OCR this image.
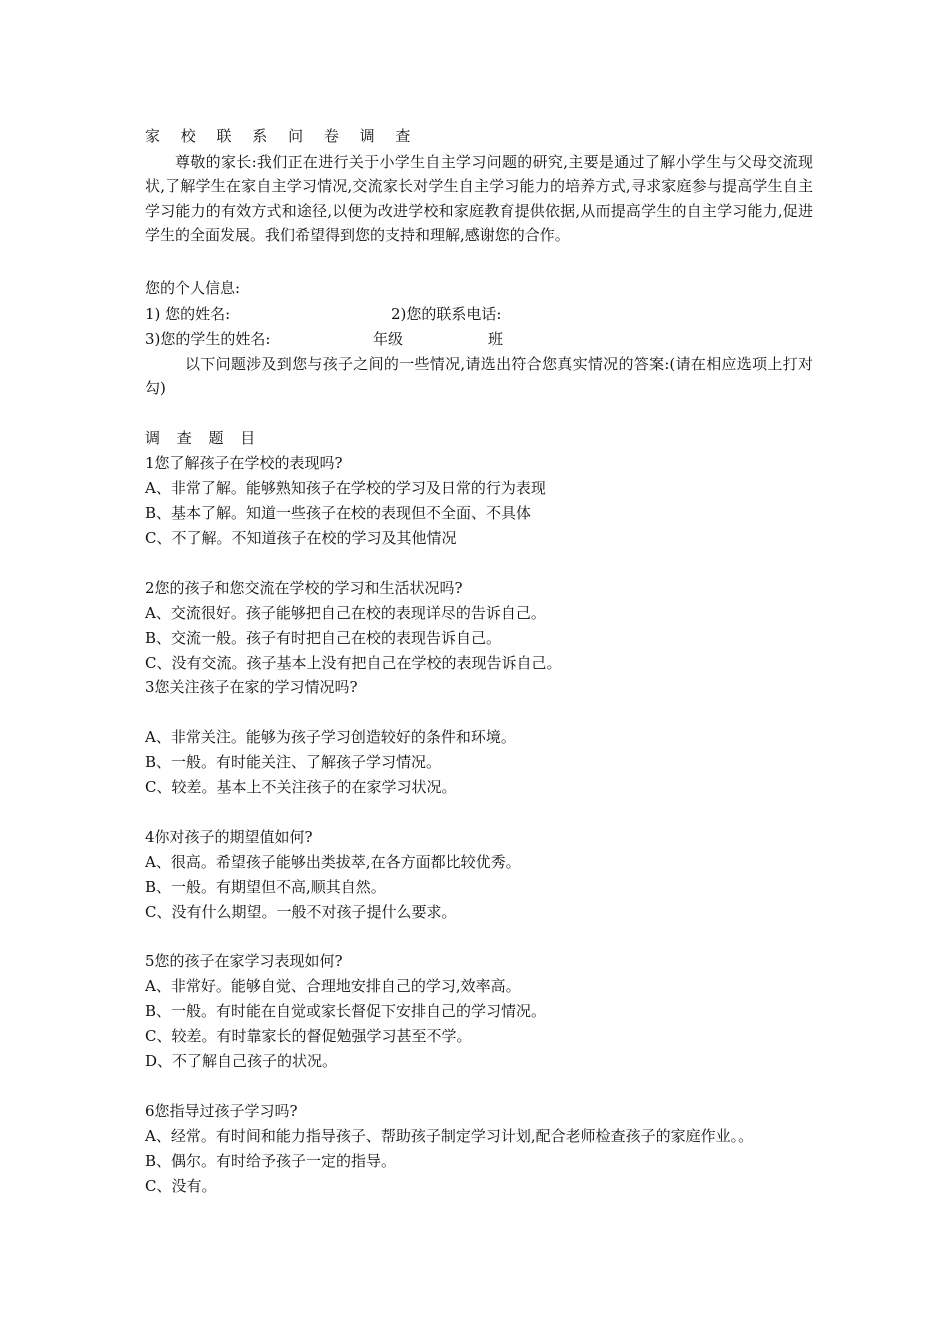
家 校 联 系 问 卷 调 查
尊敬的家长:我们正在进行关于小学生自主学习问题的研究,主要是通过了解小学生与父母交流现状,了解学生在家自主学习情况,交流家长对学生自主学习能力的培养方式,寻求家庭参与提高学生自主学习能力的有效方式和途径,以便为改进学校和家庭教育提供依据,从而提高学生的自主学习能力,促进学生的全面发展。我们希望得到您的支持和理解,感谢您的合作。
您的个人信息:
1) 您的姓名:	2)您的联系电话:
3)您的学生的姓名:	年级	班
以下问题涉及到您与孩子之间的一些情况,请选出符合您真实情况的答案:(请在相应选项上打对勾)
调 查 题 目
1您了解孩子在学校的表现吗?
A、非常了解。能够熟知孩子在学校的学习及日常的行为表现
B、基本了解。知道一些孩子在校的表现但不全面、不具体
C、不了解。不知道孩子在校的学习及其他情况
2您的孩子和您交流在学校的学习和生活状况吗?
A、交流很好。孩子能够把自己在校的表现详尽的告诉自己。
B、交流一般。孩子有时把自己在校的表现告诉自己。
C、没有交流。孩子基本上没有把自己在学校的表现告诉自己。
3您关注孩子在家的学习情况吗?
A、非常关注。能够为孩子学习创造较好的条件和环境。
B、一般。有时能关注、了解孩子学习情况。
C、较差。基本上不关注孩子的在家学习状况。
4你对孩子的期望值如何?
A、很高。希望孩子能够出类拔萃,在各方面都比较优秀。
B、一般。有期望但不高,顺其自然。
C、没有什么期望。一般不对孩子提什么要求。
5您的孩子在家学习表现如何?
A、非常好。能够自觉、合理地安排自己的学习,效率高。
B、一般。有时能在自觉或家长督促下安排自己的学习情况。
C、较差。有时靠家长的督促勉强学习甚至不学。
D、不了解自己孩子的状况。
6您指导过孩子学习吗?
A、经常。有时间和能力指导孩子、帮助孩子制定学习计划,配合老师检查孩子的家庭作业。。
B、偶尔。有时给予孩子一定的指导。
C、没有。
